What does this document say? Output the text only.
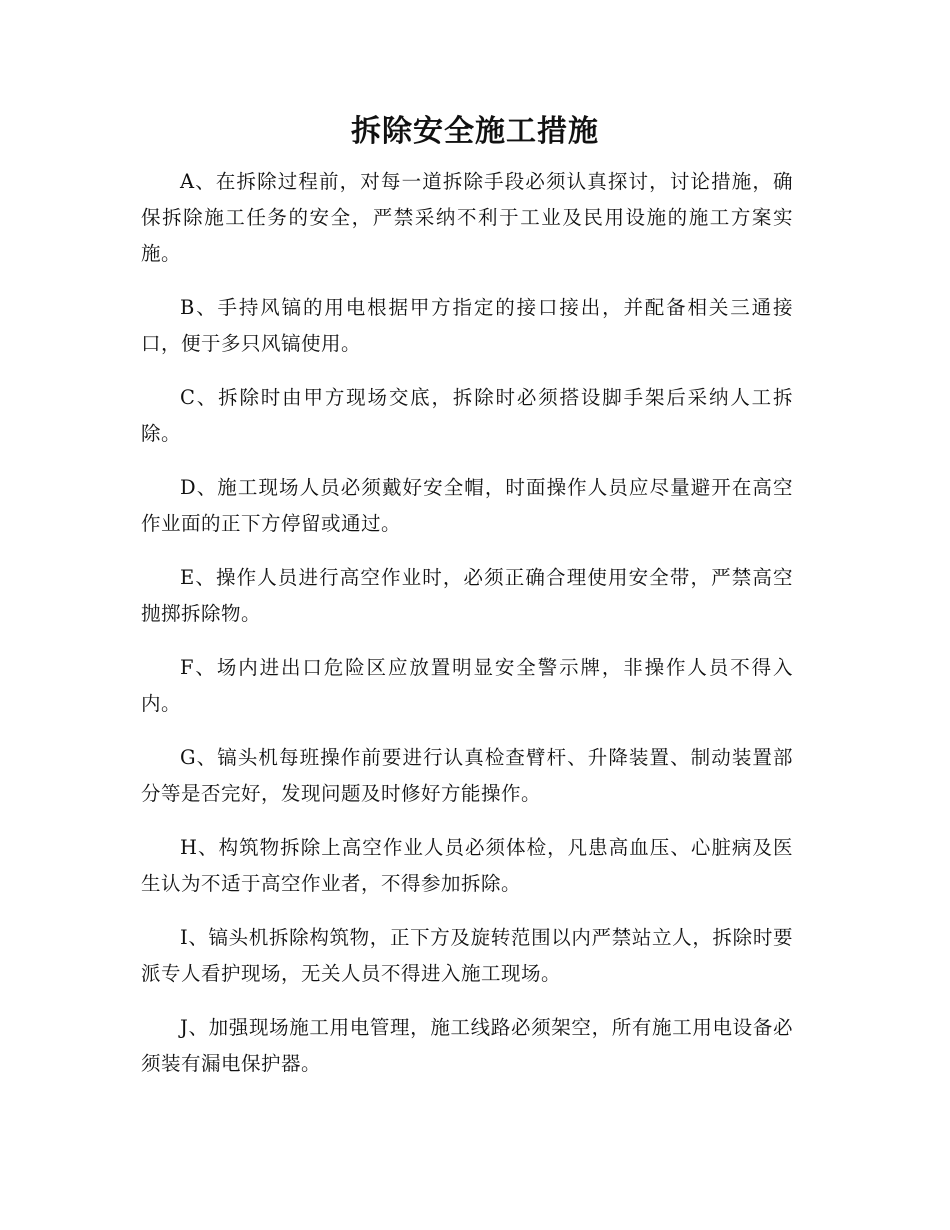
拆除安全施工措施

A、在拆除过程前，对每一道拆除手段必须认真探讨，讨论措施，确保拆除施工任务的安全，严禁采纳不利于工业及民用设施的施工方案实施。

B、手持风镐的用电根据甲方指定的接口接出，并配备相关三通接口，便于多只风镐使用。

C、拆除时由甲方现场交底，拆除时必须搭设脚手架后采纳人工拆除。

D、施工现场人员必须戴好安全帽，时面操作人员应尽量避开在高空作业面的正下方停留或通过。

E、操作人员进行高空作业时，必须正确合理使用安全带，严禁高空抛掷拆除物。

F、场内进出口危险区应放置明显安全警示牌，非操作人员不得入内。

G、镐头机每班操作前要进行认真检查臂杆、升降装置、制动装置部分等是否完好，发现问题及时修好方能操作。

H、构筑物拆除上高空作业人员必须体检，凡患高血压、心脏病及医生认为不适于高空作业者，不得参加拆除。

I、镐头机拆除构筑物，正下方及旋转范围以内严禁站立人，拆除时要派专人看护现场，无关人员不得进入施工现场。

J、加强现场施工用电管理，施工线路必须架空，所有施工用电设备必须装有漏电保护器。
